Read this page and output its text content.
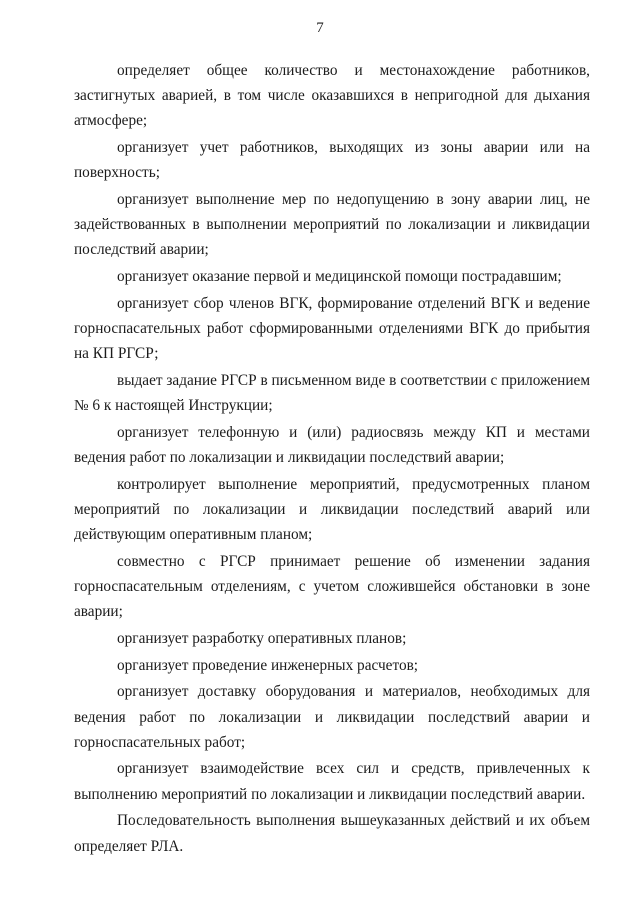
7

определяет общее количество и местонахождение работников, застигнутых аварией, в том числе оказавшихся в непригодной для дыхания атмосфере;

организует учет работников, выходящих из зоны аварии или на поверхность;

организует выполнение мер по недопущению в зону аварии лиц, не задействованных в выполнении мероприятий по локализации и ликвидации последствий аварии;

организует оказание первой и медицинской помощи пострадавшим;

организует сбор членов ВГК, формирование отделений ВГК и ведение горноспасательных работ сформированными отделениями ВГК до прибытия на КП РГСР;

выдает задание РГСР в письменном виде в соответствии с приложением № 6 к настоящей Инструкции;

организует телефонную и (или) радиосвязь между КП и местами ведения работ по локализации и ликвидации последствий аварии;

контролирует выполнение мероприятий, предусмотренных планом мероприятий по локализации и ликвидации последствий аварий или действующим оперативным планом;

совместно с РГСР принимает решение об изменении задания горноспасательным отделениям, с учетом сложившейся обстановки в зоне аварии;

организует разработку оперативных планов;

организует проведение инженерных расчетов;

организует доставку оборудования и материалов, необходимых для ведения работ по локализации и ликвидации последствий аварии и горноспасательных работ;

организует взаимодействие всех сил и средств, привлеченных к выполнению мероприятий по локализации и ликвидации последствий аварии.

Последовательность выполнения вышеуказанных действий и их объем определяет РЛА.
